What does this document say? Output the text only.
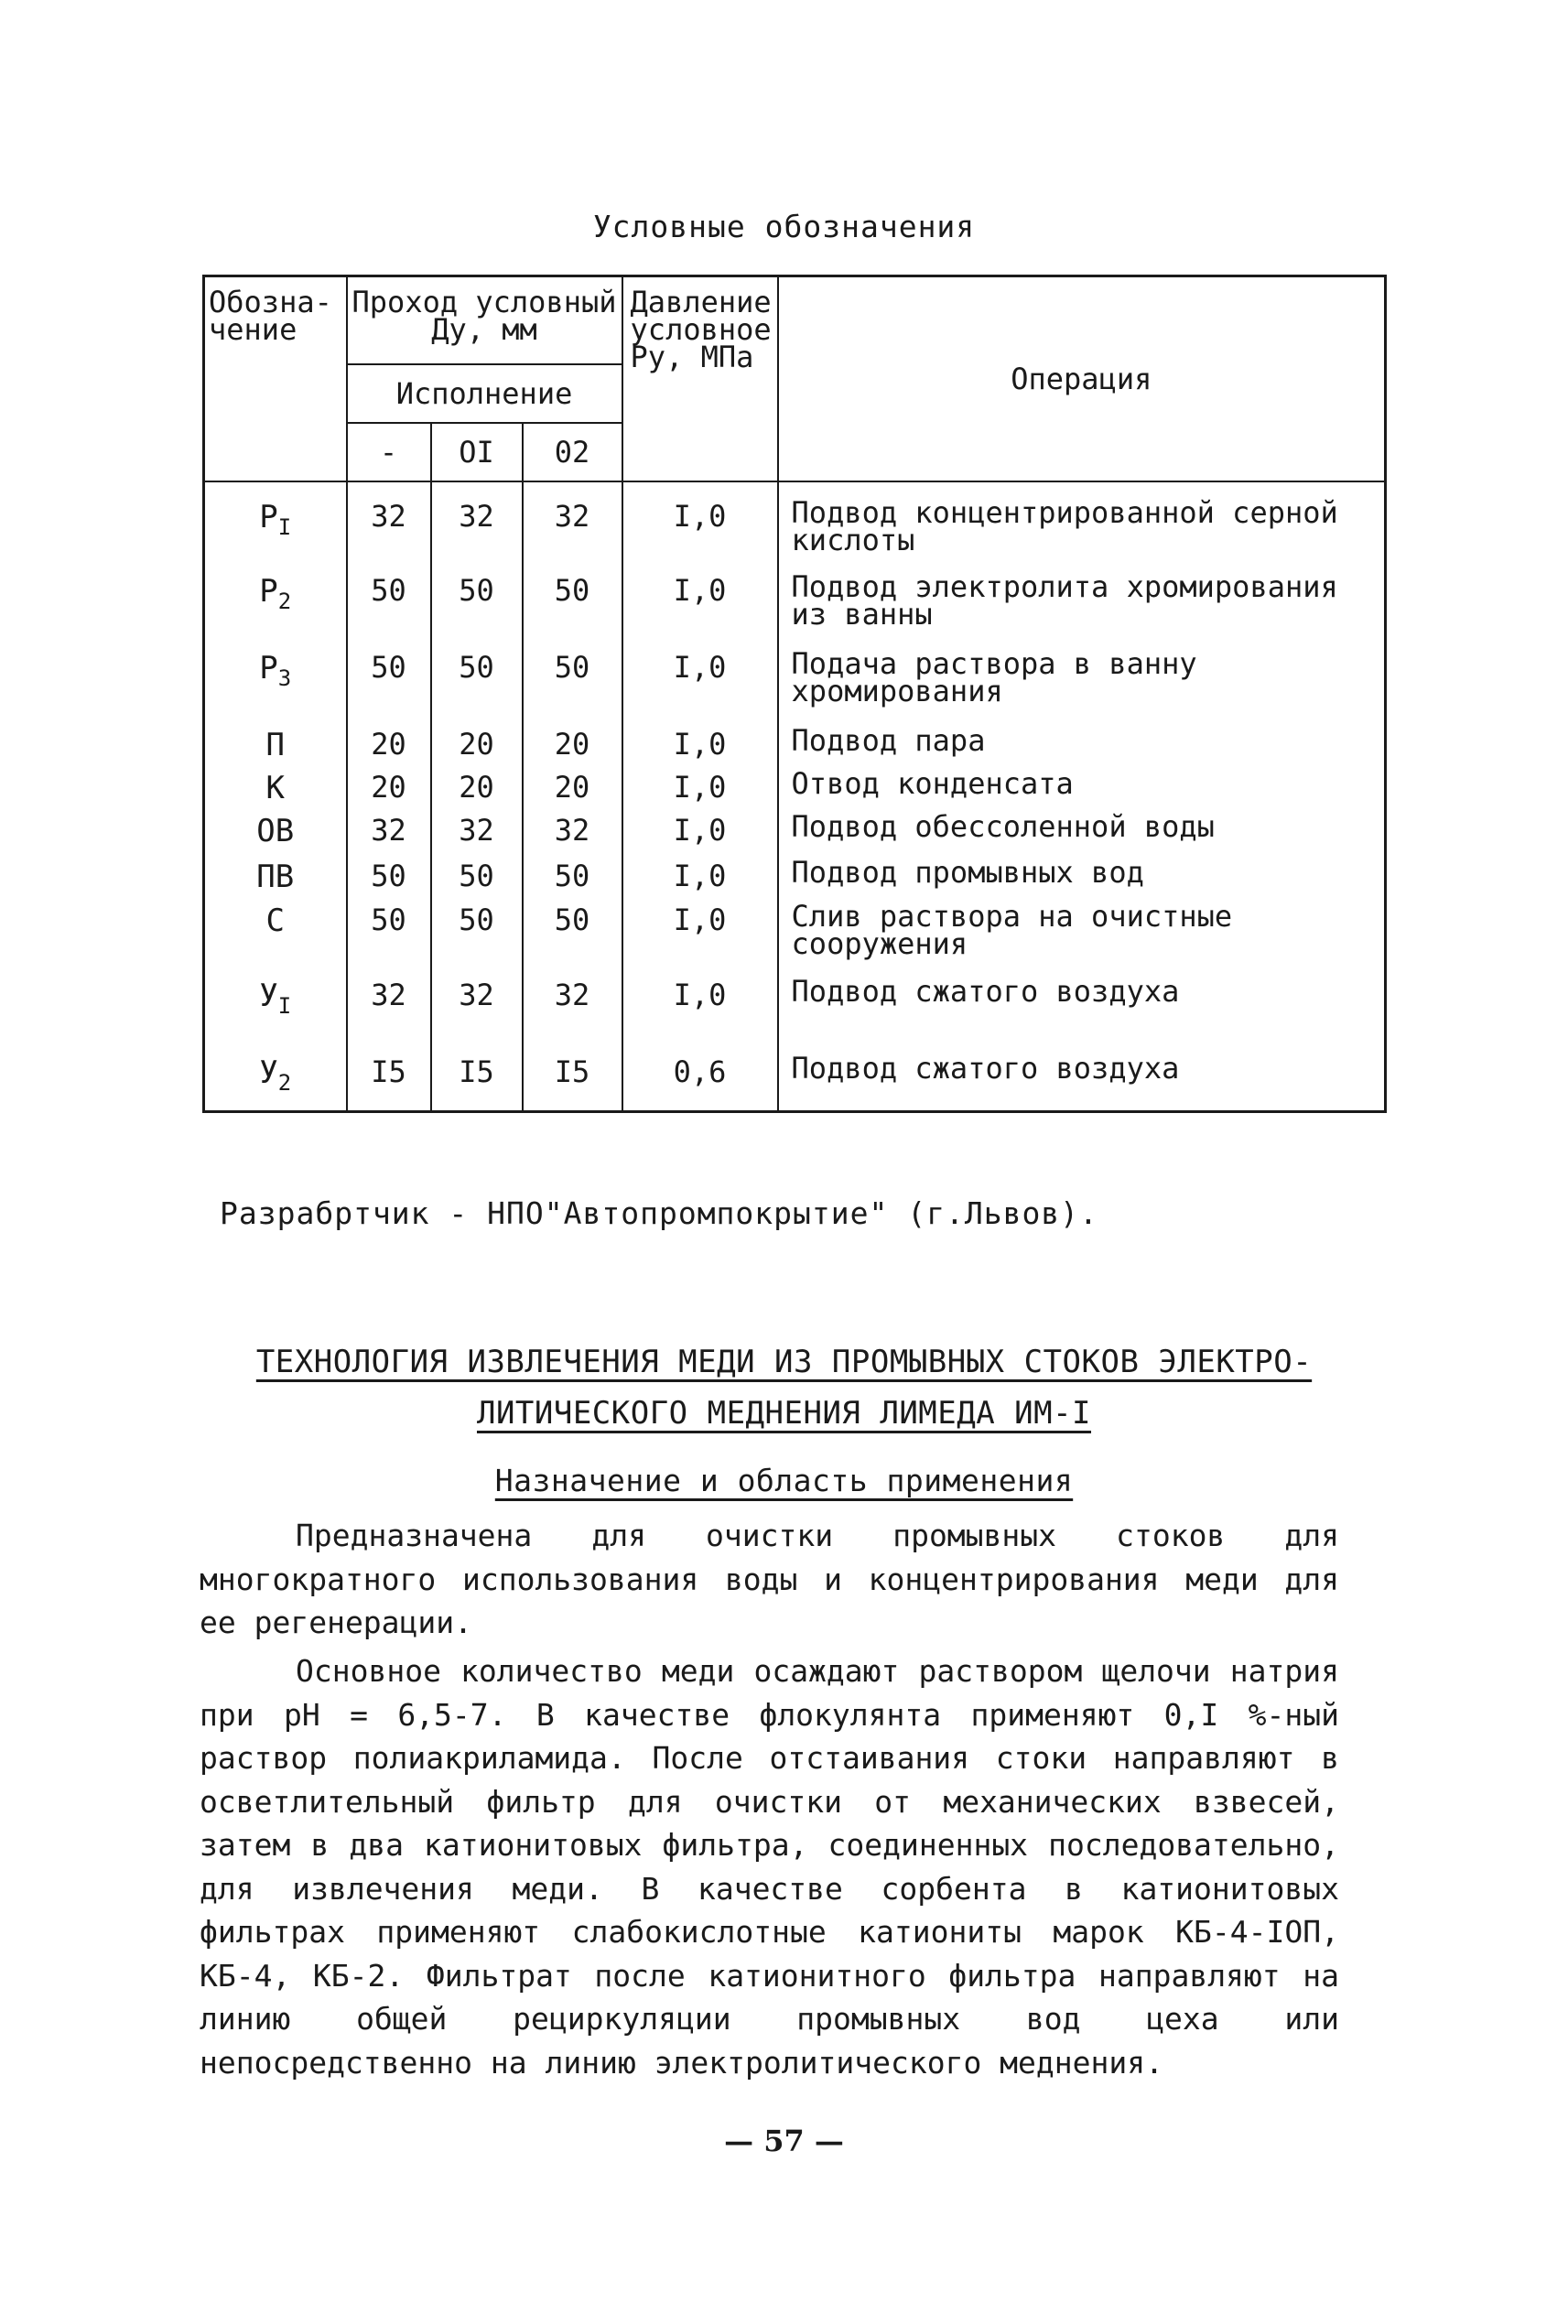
Условные обозначения
Обозна-чение	Проход условный Ду, мм			Давление условное Ру, МПа	Операция
	Исполнение				
	-	OI	02		
$P_I$	32	32	32	I,0	Подвод концентрированной серной кислоты
$P_2$	50	50	50	I,0	Подвод электролита хромирования из ванны
$P_3$	50	50	50	I,0	Подача раствора в ванну хромирования
П	20	20	20	I,0	Подвод пара
К	20	20	20	I,0	Отвод конденсата
ОВ	32	32	32	I,0	Подвод обессоленной воды
ПВ	50	50	50	I,0	Подвод промывных вод
С	50	50	50	I,0	Слив раствора на очистные сооружения
$У_I$	32	32	32	I,0	Подвод сжатого воздуха
$У_2$	I5	I5	I5	0,6	Подвод сжатого воздуха
Разрабртчик - НПО"Автопромпокрытие" (г.Львов).
ТЕХНОЛОГИЯ ИЗВЛЕЧЕНИЯ МЕДИ ИЗ ПРОМЫВНЫХ СТОКОВ ЭЛЕКТРО-
ЛИТИЧЕСКОГО МЕДНЕНИЯ ЛИМЕДА ИМ-I
Назначение и область применения

Предназначена для очистки промывных стоков для многократного использования воды и концентрирования меди для ее регенерации.

Основное количество меди осаждают раствором щелочи натрия при рН = 6,5-7. В качестве флокулянта применяют 0,I %-ный раствор полиакриламида. После отстаивания стоки направляют в осветлительный фильтр для очистки от механических взвесей, затем в два катионитовых фильтра, соединенных последовательно, для извлечения меди. В качестве сорбента в катионитовых фильтрах применяют слабокислотные катиониты марок КБ-4-IОП, КБ-4, КБ-2. Фильтрат после катионитного фильтра направляют на линию общей рециркуляции промывных вод цеха или непосредственно на линию электролитического меднения.

— 57 —
